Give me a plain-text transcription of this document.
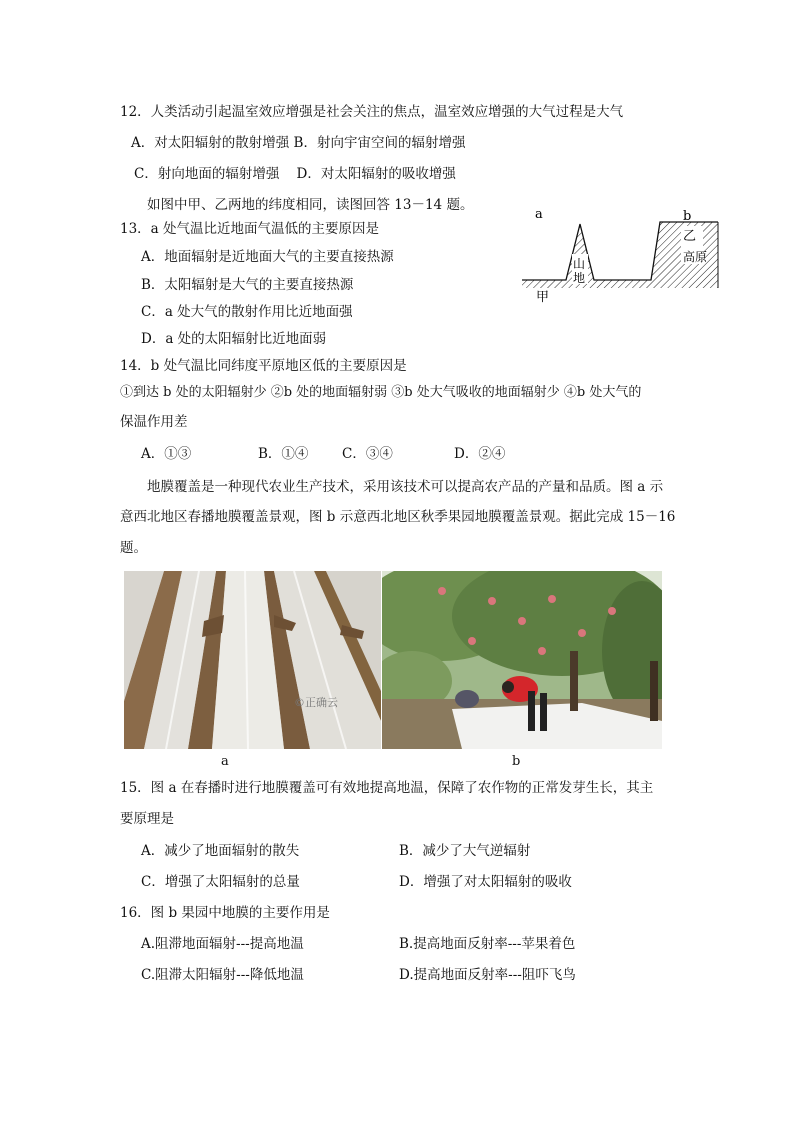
12．人类活动引起温室效应增强是社会关注的焦点，温室效应增强的大气过程是大气
A．对太阳辐射的散射增强 B．射向宇宙空间的辐射增强
C．射向地面的辐射增强    D．对太阳辐射的吸收增强
如图中甲、乙两地的纬度相同，读图回答 13－14 题。
13．a 处气温比近地面气温低的主要原因是
A．地面辐射是近地面大气的主要直接热源
B．太阳辐射是大气的主要直接热源
C．a 处大气的散射作用比近地面强
D．a 处的太阳辐射比近地面弱
a	b
甲
乙
山
地
高原
14．b 处气温比同纬度平原地区低的主要原因是
①到达 b 处的太阳辐射少 ②b 处的地面辐射弱 ③b 处大气吸收的地面辐射少 ④b 处大气的
保温作用差
A．①③	B．①④ C．③④	D．②④
地膜覆盖是一种现代农业生产技术，采用该技术可以提高农产品的产量和品质。图 a 示
意西北地区春播地膜覆盖景观，图 b 示意西北地区秋季果园地膜覆盖景观。据此完成 15－16
题。
©正确云
a	b
15．图 a 在春播时进行地膜覆盖可有效地提高地温，保障了农作物的正常发芽生长，其主
要原理是
A．减少了地面辐射的散失	B．减少了大气逆辐射
C．增强了太阳辐射的总量	D．增强了对太阳辐射的吸收
16．图 b 果园中地膜的主要作用是
A.阻滞地面辐射---提高地温	B.提高地面反射率---苹果着色
C.阻滞太阳辐射---降低地温	D.提高地面反射率---阻吓飞鸟
